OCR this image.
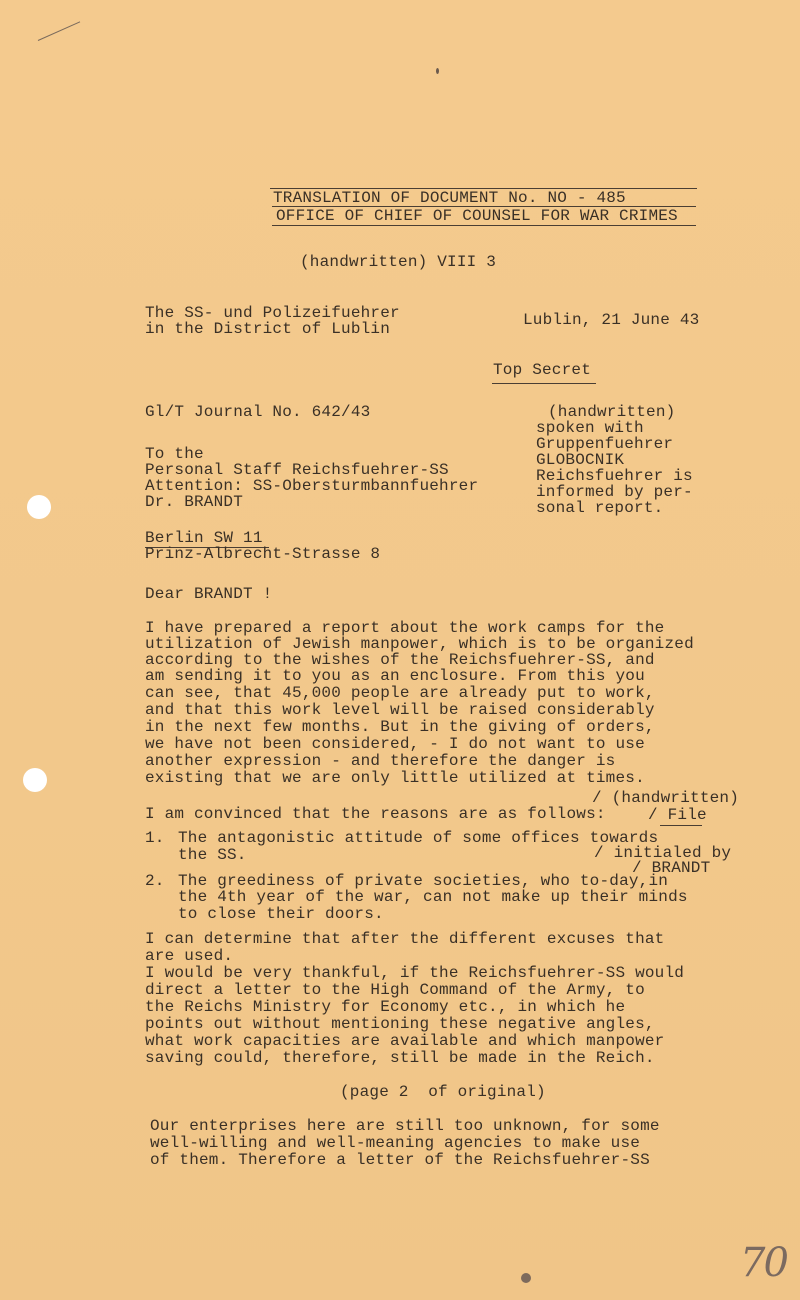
TRANSLATION OF DOCUMENT No. NO - 485
OFFICE OF CHIEF OF COUNSEL FOR WAR CRIMES
(handwritten) VIII 3
The SS- und Polizeifuehrer
in the District of Lublin	Lublin, 21 June 43
Top Secret
Gl/T Journal No. 642/43	(handwritten)
spoken with
Gruppenfuehrer
GLOBOCNIK
Reichsfuehrer is
informed by per-
sonal report.
To the
Personal Staff Reichsfuehrer-SS
Attention: SS-Obersturmbannfuehrer
Dr. BRANDT
Berlin SW 11
Prinz-Albrecht-Strasse 8
Dear BRANDT !
I have prepared a report about the work camps for the
utilization of Jewish manpower, which is to be organized
according to the wishes of the Reichsfuehrer-SS, and
am sending it to you as an enclosure. From this you
can see, that 45,000 people are already put to work,
and that this work level will be raised considerably
in the next few months. But in the giving of orders,
we have not been considered, - I do not want to use
another expression - and therefore the danger is
existing that we are only little utilized at times.
/ (handwritten)
I am convinced that the reasons are as follows:	/ File
1. The antagonistic attitude of some offices towards
the SS.	/ initialed by
/ BRANDT
2. The greediness of private societies, who to-day,in
the 4th year of the war, can not make up their minds
to close their doors.
I can determine that after the different excuses that
are used.
I would be very thankful, if the Reichsfuehrer-SS would
direct a letter to the High Command of the Army, to
the Reichs Ministry for Economy etc., in which he
points out without mentioning these negative angles,
what work capacities are available and which manpower
saving could, therefore, still be made in the Reich.
(page 2  of original)
Our enterprises here are still too unknown, for some
well-willing and well-meaning agencies to make use
of them. Therefore a letter of the Reichsfuehrer-SS
70
